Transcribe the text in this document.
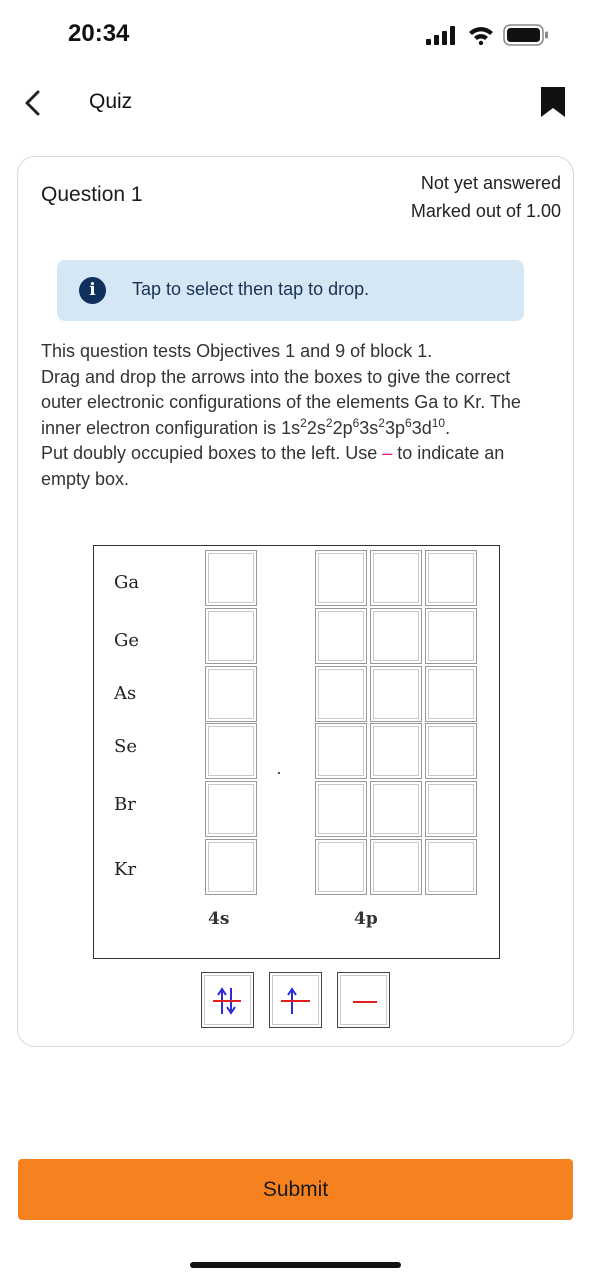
20:34
Quiz
Question 1	Not yet answered
Marked out of 1.00
i	Tap to select then tap to drop.

This question tests Objectives 1 and 9 of block 1.

Drag and drop the arrows into the boxes to give the correct outer electronic configurations of the elements Ga to Kr. The inner electron configuration is $1s^22s^22p^63s^23p^63d^{10}$.

Put doubly occupied boxes to the left. Use – to indicate an empty box.

Ga
Ge
As
Se
Br
Kr
4s	4p
Submit
